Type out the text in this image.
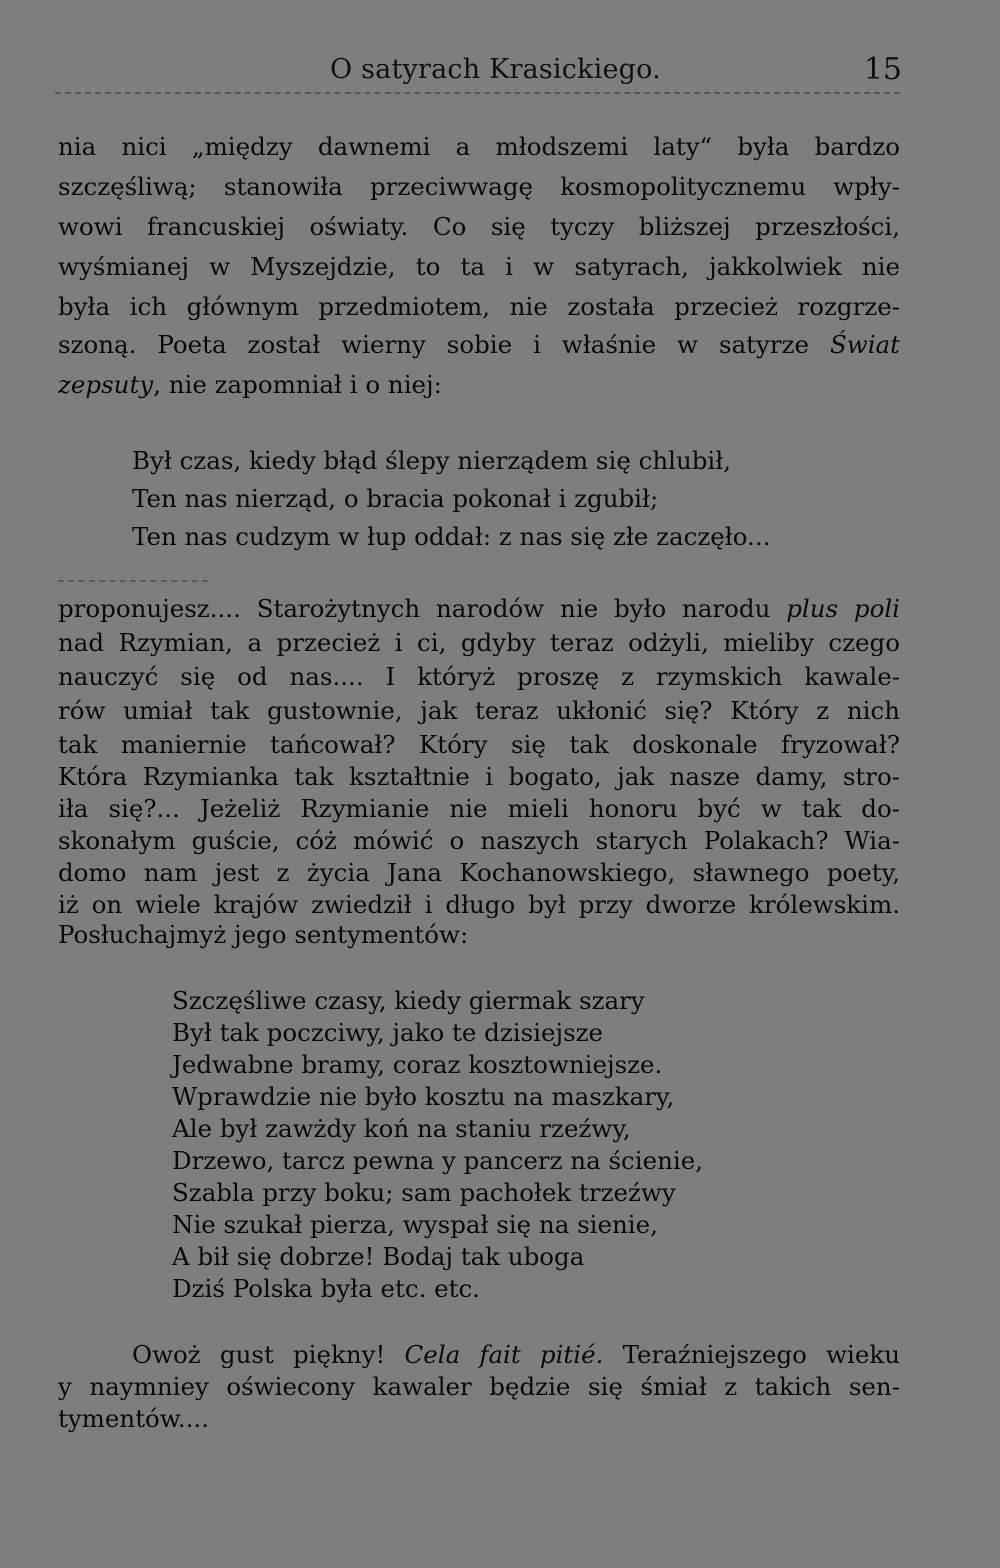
O satyrach Krasickiego.	15
nia nici „między dawnemi a młodszemi laty“ była bardzo
szczęśliwą; stanowiła przeciwwagę kosmopolitycznemu wpły-
wowi francuskiej oświaty. Co się tyczy bliższej przeszłości,
wyśmianej w Myszejdzie, to ta i w satyrach, jakkolwiek nie
była ich głównym przedmiotem, nie została przecież rozgrze-
szoną. Poeta został wierny sobie i właśnie w satyrze Świat
zepsuty, nie zapomniał i o niej:
Był czas, kiedy błąd ślepy nierządem się chlubił,
Ten nas nierząd, o bracia pokonał i zgubił;
Ten nas cudzym w łup oddał: z nas się złe zaczęło...
proponujesz.... Starożytnych narodów nie było narodu plus poli
nad Rzymian, a przecież i ci, gdyby teraz odżyli, mieliby czego
nauczyć się od nas.... I któryż proszę z rzymskich kawale-
rów umiał tak gustownie, jak teraz ukłonić się? Który z nich
tak maniernie tańcował? Który się tak doskonale fryzował?
Która Rzymianka tak kształtnie i bogato, jak nasze damy, stro-
iła się?... Jeżeliż Rzymianie nie mieli honoru być w tak do-
skonałym guście, cóż mówić o naszych starych Polakach? Wia-
domo nam jest z życia Jana Kochanowskiego, sławnego poety,
iż on wiele krajów zwiedził i długo był przy dworze królewskim.
Posłuchajmyż jego sentymentów:
Szczęśliwe czasy, kiedy giermak szary
Był tak poczciwy, jako te dzisiejsze
Jedwabne bramy, coraz kosztowniejsze.
Wprawdzie nie było kosztu na maszkary,
Ale był zawżdy koń na staniu rzeźwy,
Drzewo, tarcz pewna y pancerz na ścienie,
Szabla przy boku; sam pachołek trzeźwy
Nie szukał pierza, wyspał się na sienie,
A bił się dobrze! Bodaj tak uboga
Dziś Polska była etc. etc.
Owoż gust piękny! Cela fait pitié. Teraźniejszego wieku
y naymniey oświecony kawaler będzie się śmiał z takich sen-
tymentów....
